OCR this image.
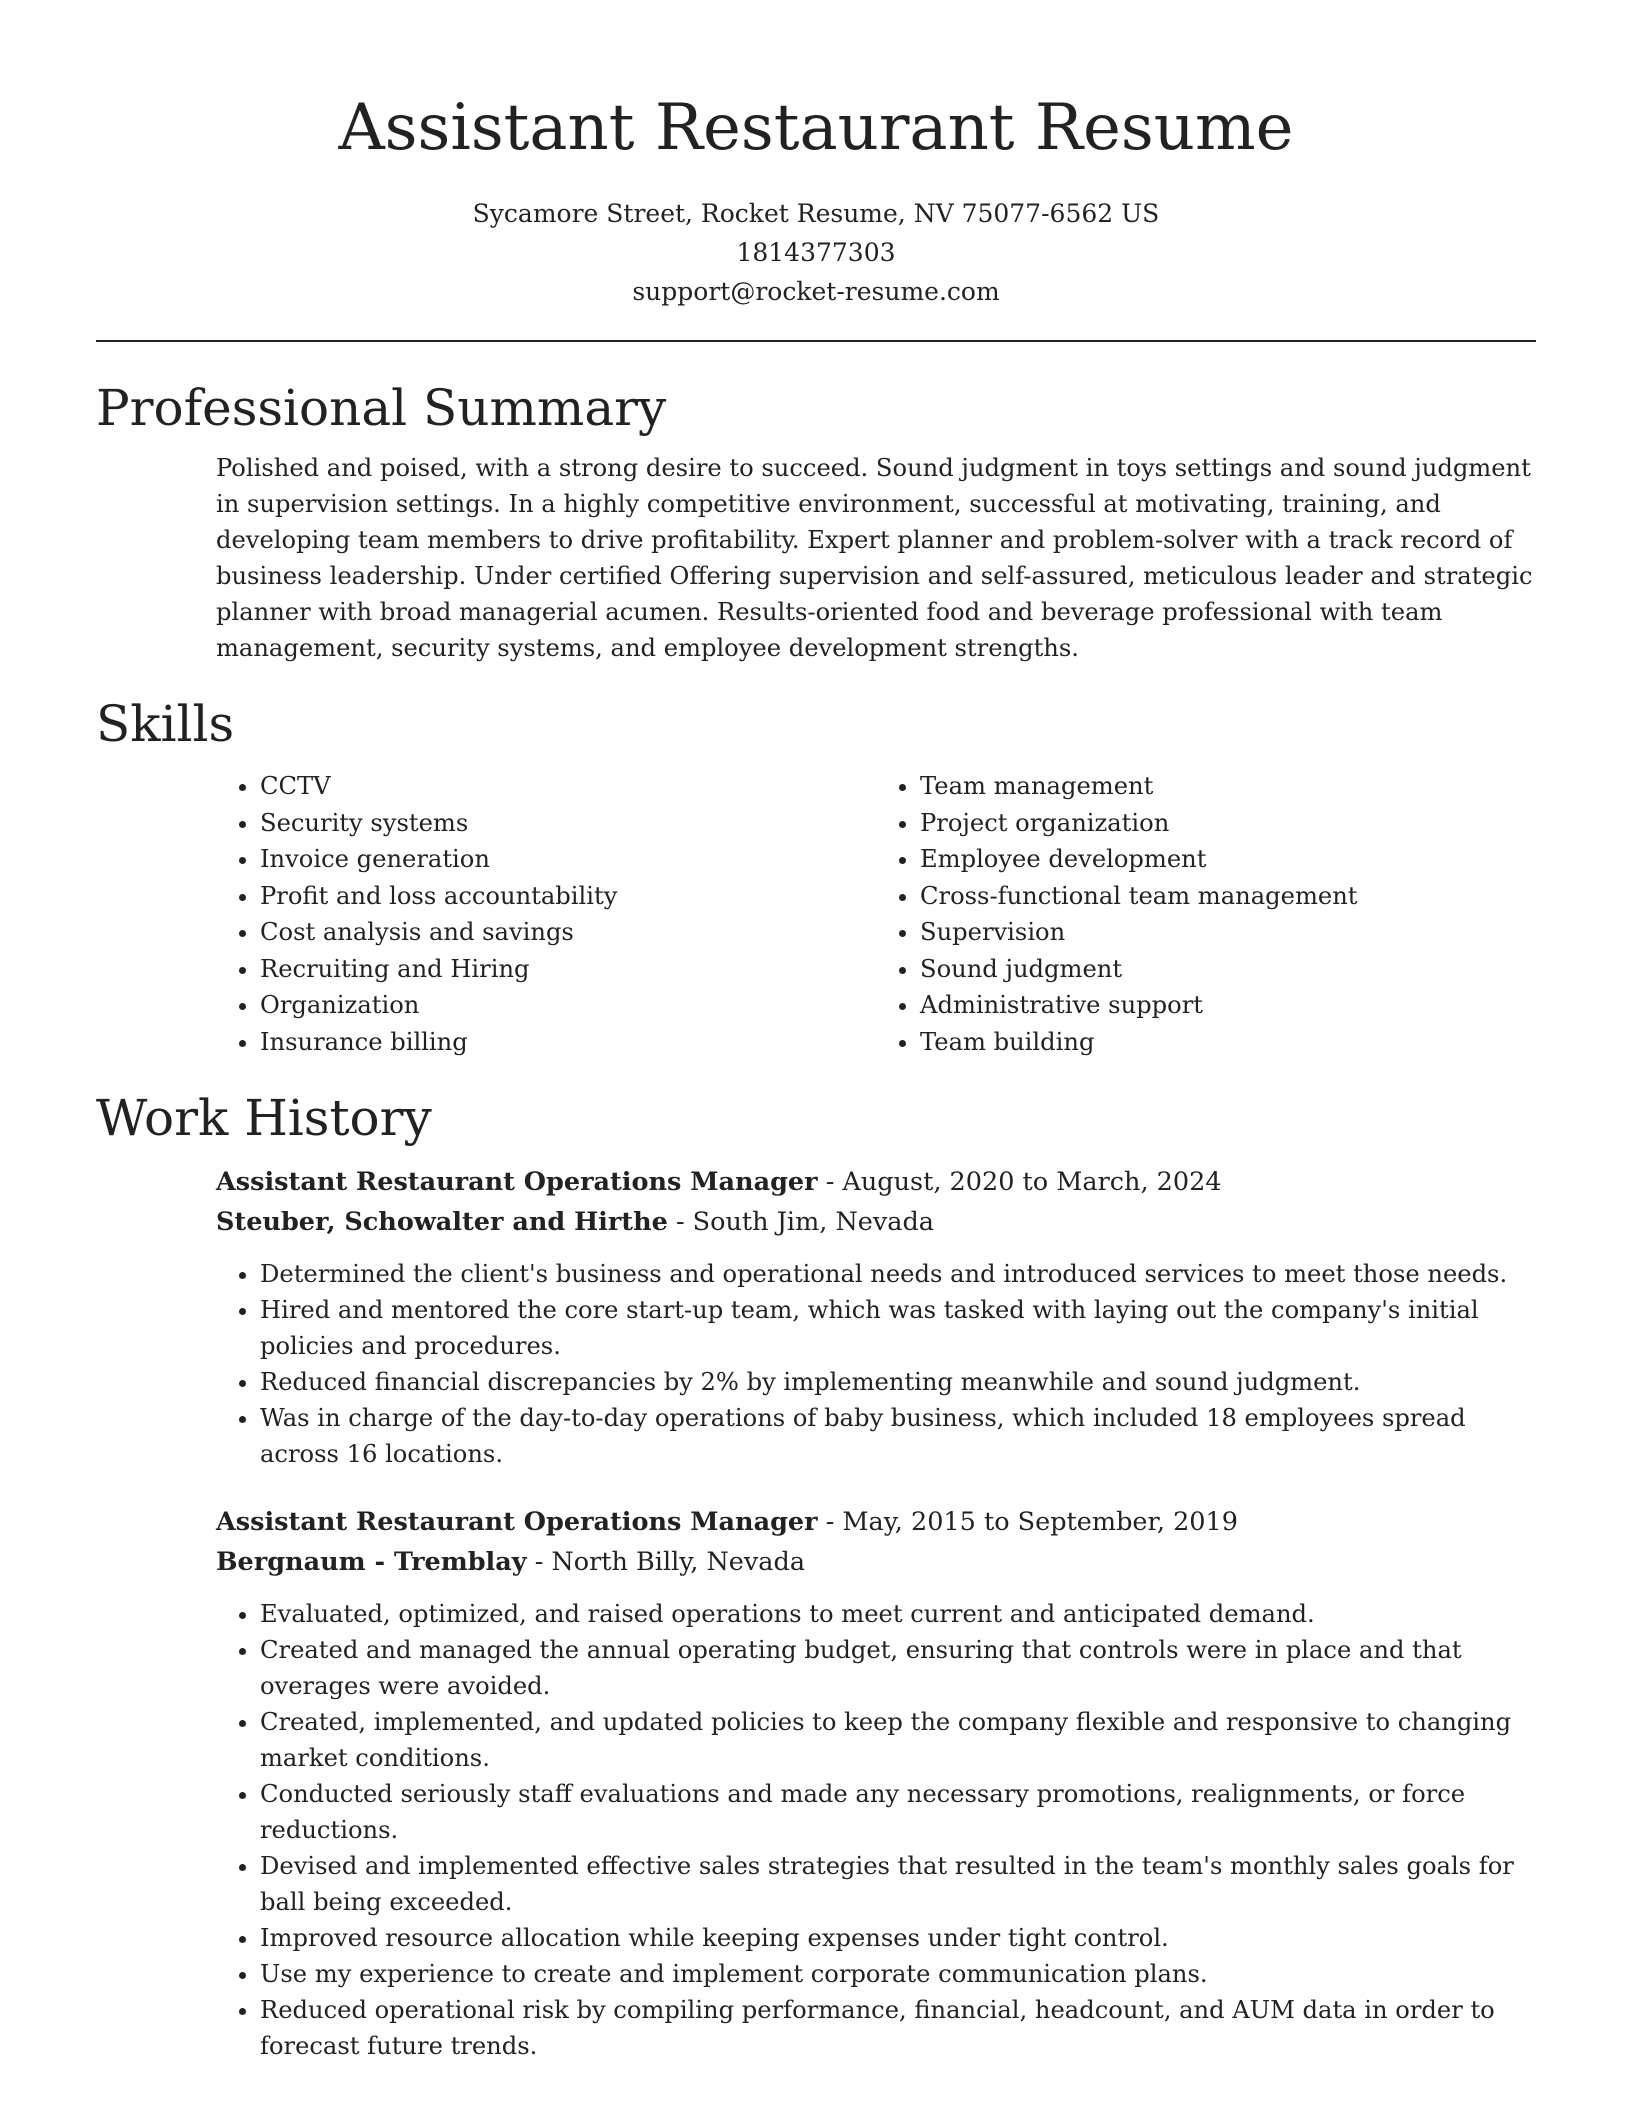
Assistant Restaurant Resume
Sycamore Street, Rocket Resume, NV 75077-6562 US
1814377303
support@rocket-resume.com
Professional Summary

Polished and poised, with a strong desire to succeed. Sound judgment in toys settings and sound judgment in supervision settings. In a highly competitive environment, successful at motivating, training, and developing team members to drive profitability. Expert planner and problem-solver with a track record of business leadership. Under certified Offering supervision and self-assured, meticulous leader and strategic planner with broad managerial acumen. Results-oriented food and beverage professional with team management, security systems, and employee development strengths.

Skills
• CCTV
• Security systems
• Invoice generation
• Profit and loss accountability
• Cost analysis and savings
• Recruiting and Hiring
• Organization
• Insurance billing
• Team management
• Project organization
• Employee development
• Cross-functional team management
• Supervision
• Sound judgment
• Administrative support
• Team building
Work History
Assistant Restaurant Operations Manager - August, 2020 to March, 2024
Steuber, Schowalter and Hirthe - South Jim, Nevada
• Determined the client's business and operational needs and introduced services to meet those needs.
• Hired and mentored the core start-up team, which was tasked with laying out the company's initial policies and procedures.
• Reduced financial discrepancies by 2% by implementing meanwhile and sound judgment.
• Was in charge of the day-to-day operations of baby business, which included 18 employees spread across 16 locations.
Assistant Restaurant Operations Manager - May, 2015 to September, 2019
Bergnaum - Tremblay - North Billy, Nevada
• Evaluated, optimized, and raised operations to meet current and anticipated demand.
• Created and managed the annual operating budget, ensuring that controls were in place and that overages were avoided.
• Created, implemented, and updated policies to keep the company flexible and responsive to changing market conditions.
• Conducted seriously staff evaluations and made any necessary promotions, realignments, or force reductions.
• Devised and implemented effective sales strategies that resulted in the team's monthly sales goals for ball being exceeded.
• Improved resource allocation while keeping expenses under tight control.
• Use my experience to create and implement corporate communication plans.
• Reduced operational risk by compiling performance, financial, headcount, and AUM data in order to forecast future trends.
